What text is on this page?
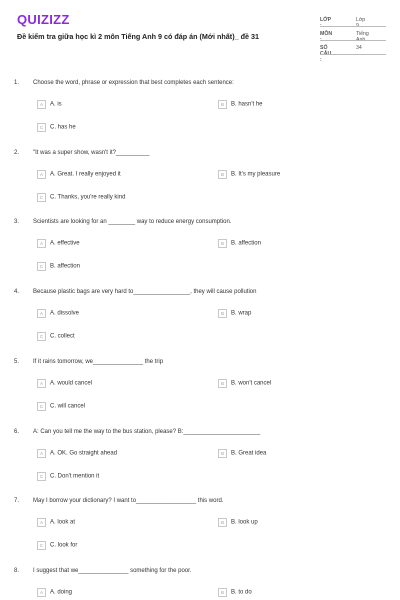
QUIZIZZ
Đề kiểm tra giữa học kì 2 môn Tiếng Anh 9 có đáp án (Mới nhất)_ đề 31
LỚP :
Lớp 9
MÔN :
Tiếng Anh
SỐ CÂU :
34
1. Choose the word, phrase or expression that best completes each sentence:
A A. is	B B. hasn't he
C C. has he
2. "It was a super show, wasn't it?__________
A A. Great. I really enjoyed it	B B. It's my pleasure
C C. Thanks, you're really kind
3. Scientists are looking for an ________ way to reduce energy consumption.
A A. effective	B B. affection
C B. affection
4. Because plastic bags are very hard to_________________, they will cause pollution
A A. dissolve	B B. wrap
C C. collect
5. If it rains tomorrow, we_______________ the trip
A A. would cancel	B B. won't cancel
C C. will cancel
6. A: Can you tell me the way to the bus station, please? B:_______________________
A A. OK. Go straight ahead	B B. Great idea
C C. Don't mention it
7. May I borrow your dictionary? I want to__________________ this word.
A A. look at	B B. look up
C C. look for
8. I suggest that we_______________ something for the poor.
A A. doing	B B. to do
